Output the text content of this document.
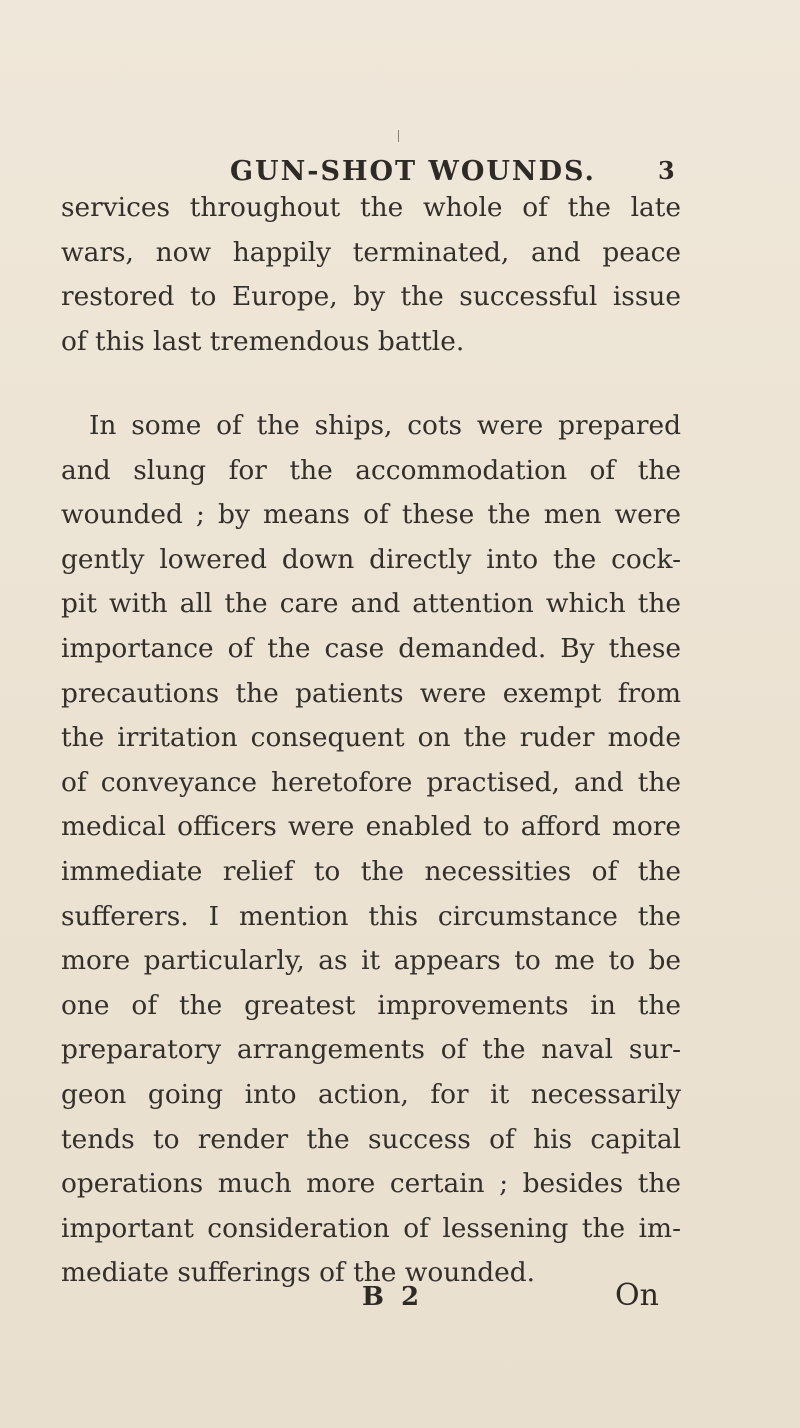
GUN-SHOT WOUNDS.	3
services throughout the whole of the late
wars, now happily terminated, and peace
restored to Europe, by the successful issue
of this last tremendous battle.
In some of the ships, cots were prepared
and slung for the accommodation of the
wounded ; by means of these the men were
gently lowered down directly into the cock-
pit with all the care and attention which the
importance of the case demanded. By these
precautions the patients were exempt from
the irritation consequent on the ruder mode
of conveyance heretofore practised, and the
medical officers were enabled to afford more
immediate relief to the necessities of the
sufferers. I mention this circumstance the
more particularly, as it appears to me to be
one of the greatest improvements in the
preparatory arrangements of the naval sur-
geon going into action, for it necessarily
tends to render the success of his capital
operations much more certain ; besides the
important consideration of lessening the im-
mediate sufferings of the wounded.
B 2	On
